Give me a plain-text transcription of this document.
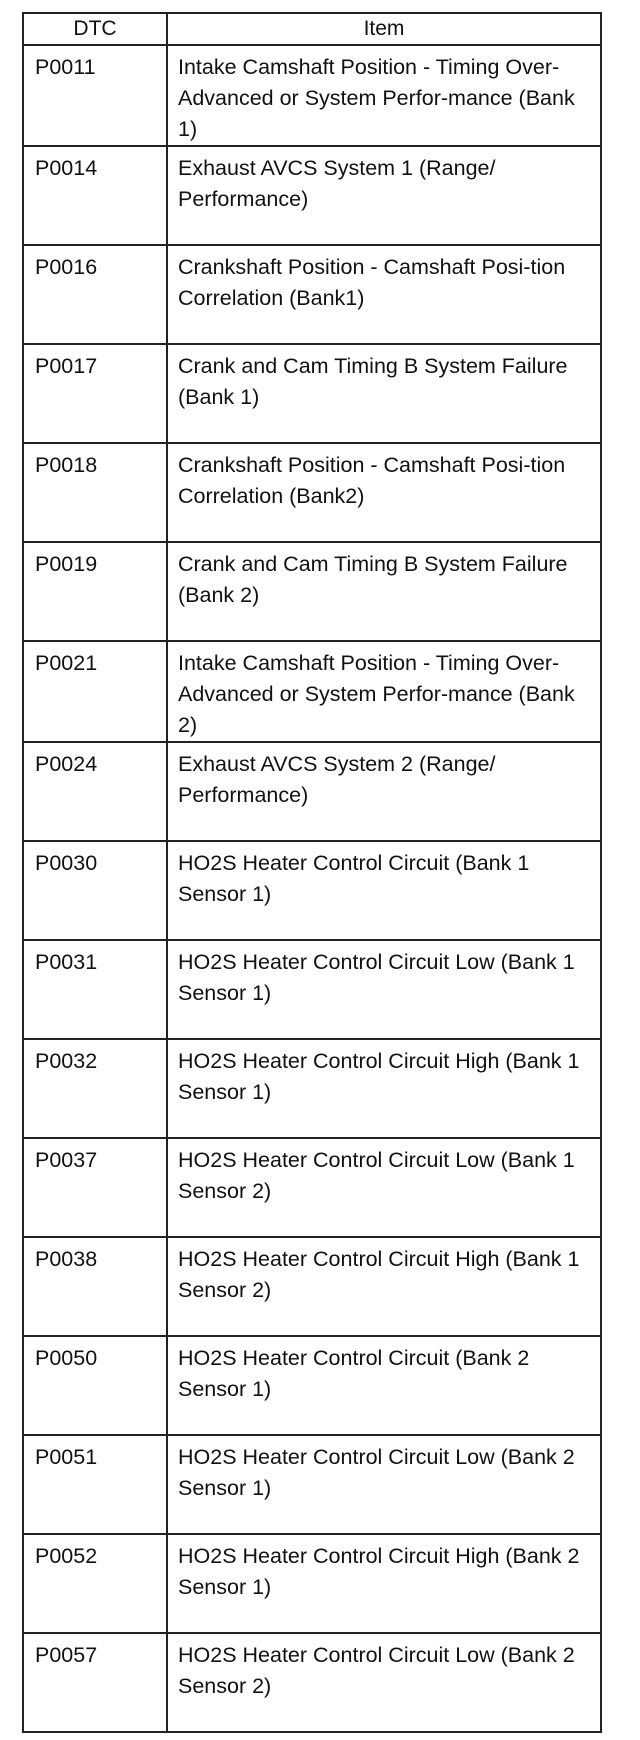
DTC	Item
P0011	Intake Camshaft Position - Timing Over-Advanced or System Perfor-mance (Bank 1)
P0014	Exhaust AVCS System 1 (Range/ Performance)
P0016	Crankshaft Position - Camshaft Posi-tion Correlation (Bank1)
P0017	Crank and Cam Timing B System Failure (Bank 1)
P0018	Crankshaft Position - Camshaft Posi-tion Correlation (Bank2)
P0019	Crank and Cam Timing B System Failure (Bank 2)
P0021	Intake Camshaft Position - Timing Over-Advanced or System Perfor-mance (Bank 2)
P0024	Exhaust AVCS System 2 (Range/ Performance)
P0030	HO2S Heater Control Circuit (Bank 1 Sensor 1)
P0031	HO2S Heater Control Circuit Low (Bank 1 Sensor 1)
P0032	HO2S Heater Control Circuit High (Bank 1 Sensor 1)
P0037	HO2S Heater Control Circuit Low (Bank 1 Sensor 2)
P0038	HO2S Heater Control Circuit High (Bank 1 Sensor 2)
P0050	HO2S Heater Control Circuit (Bank 2 Sensor 1)
P0051	HO2S Heater Control Circuit Low (Bank 2 Sensor 1)
P0052	HO2S Heater Control Circuit High (Bank 2 Sensor 1)
P0057	HO2S Heater Control Circuit Low (Bank 2 Sensor 2)
